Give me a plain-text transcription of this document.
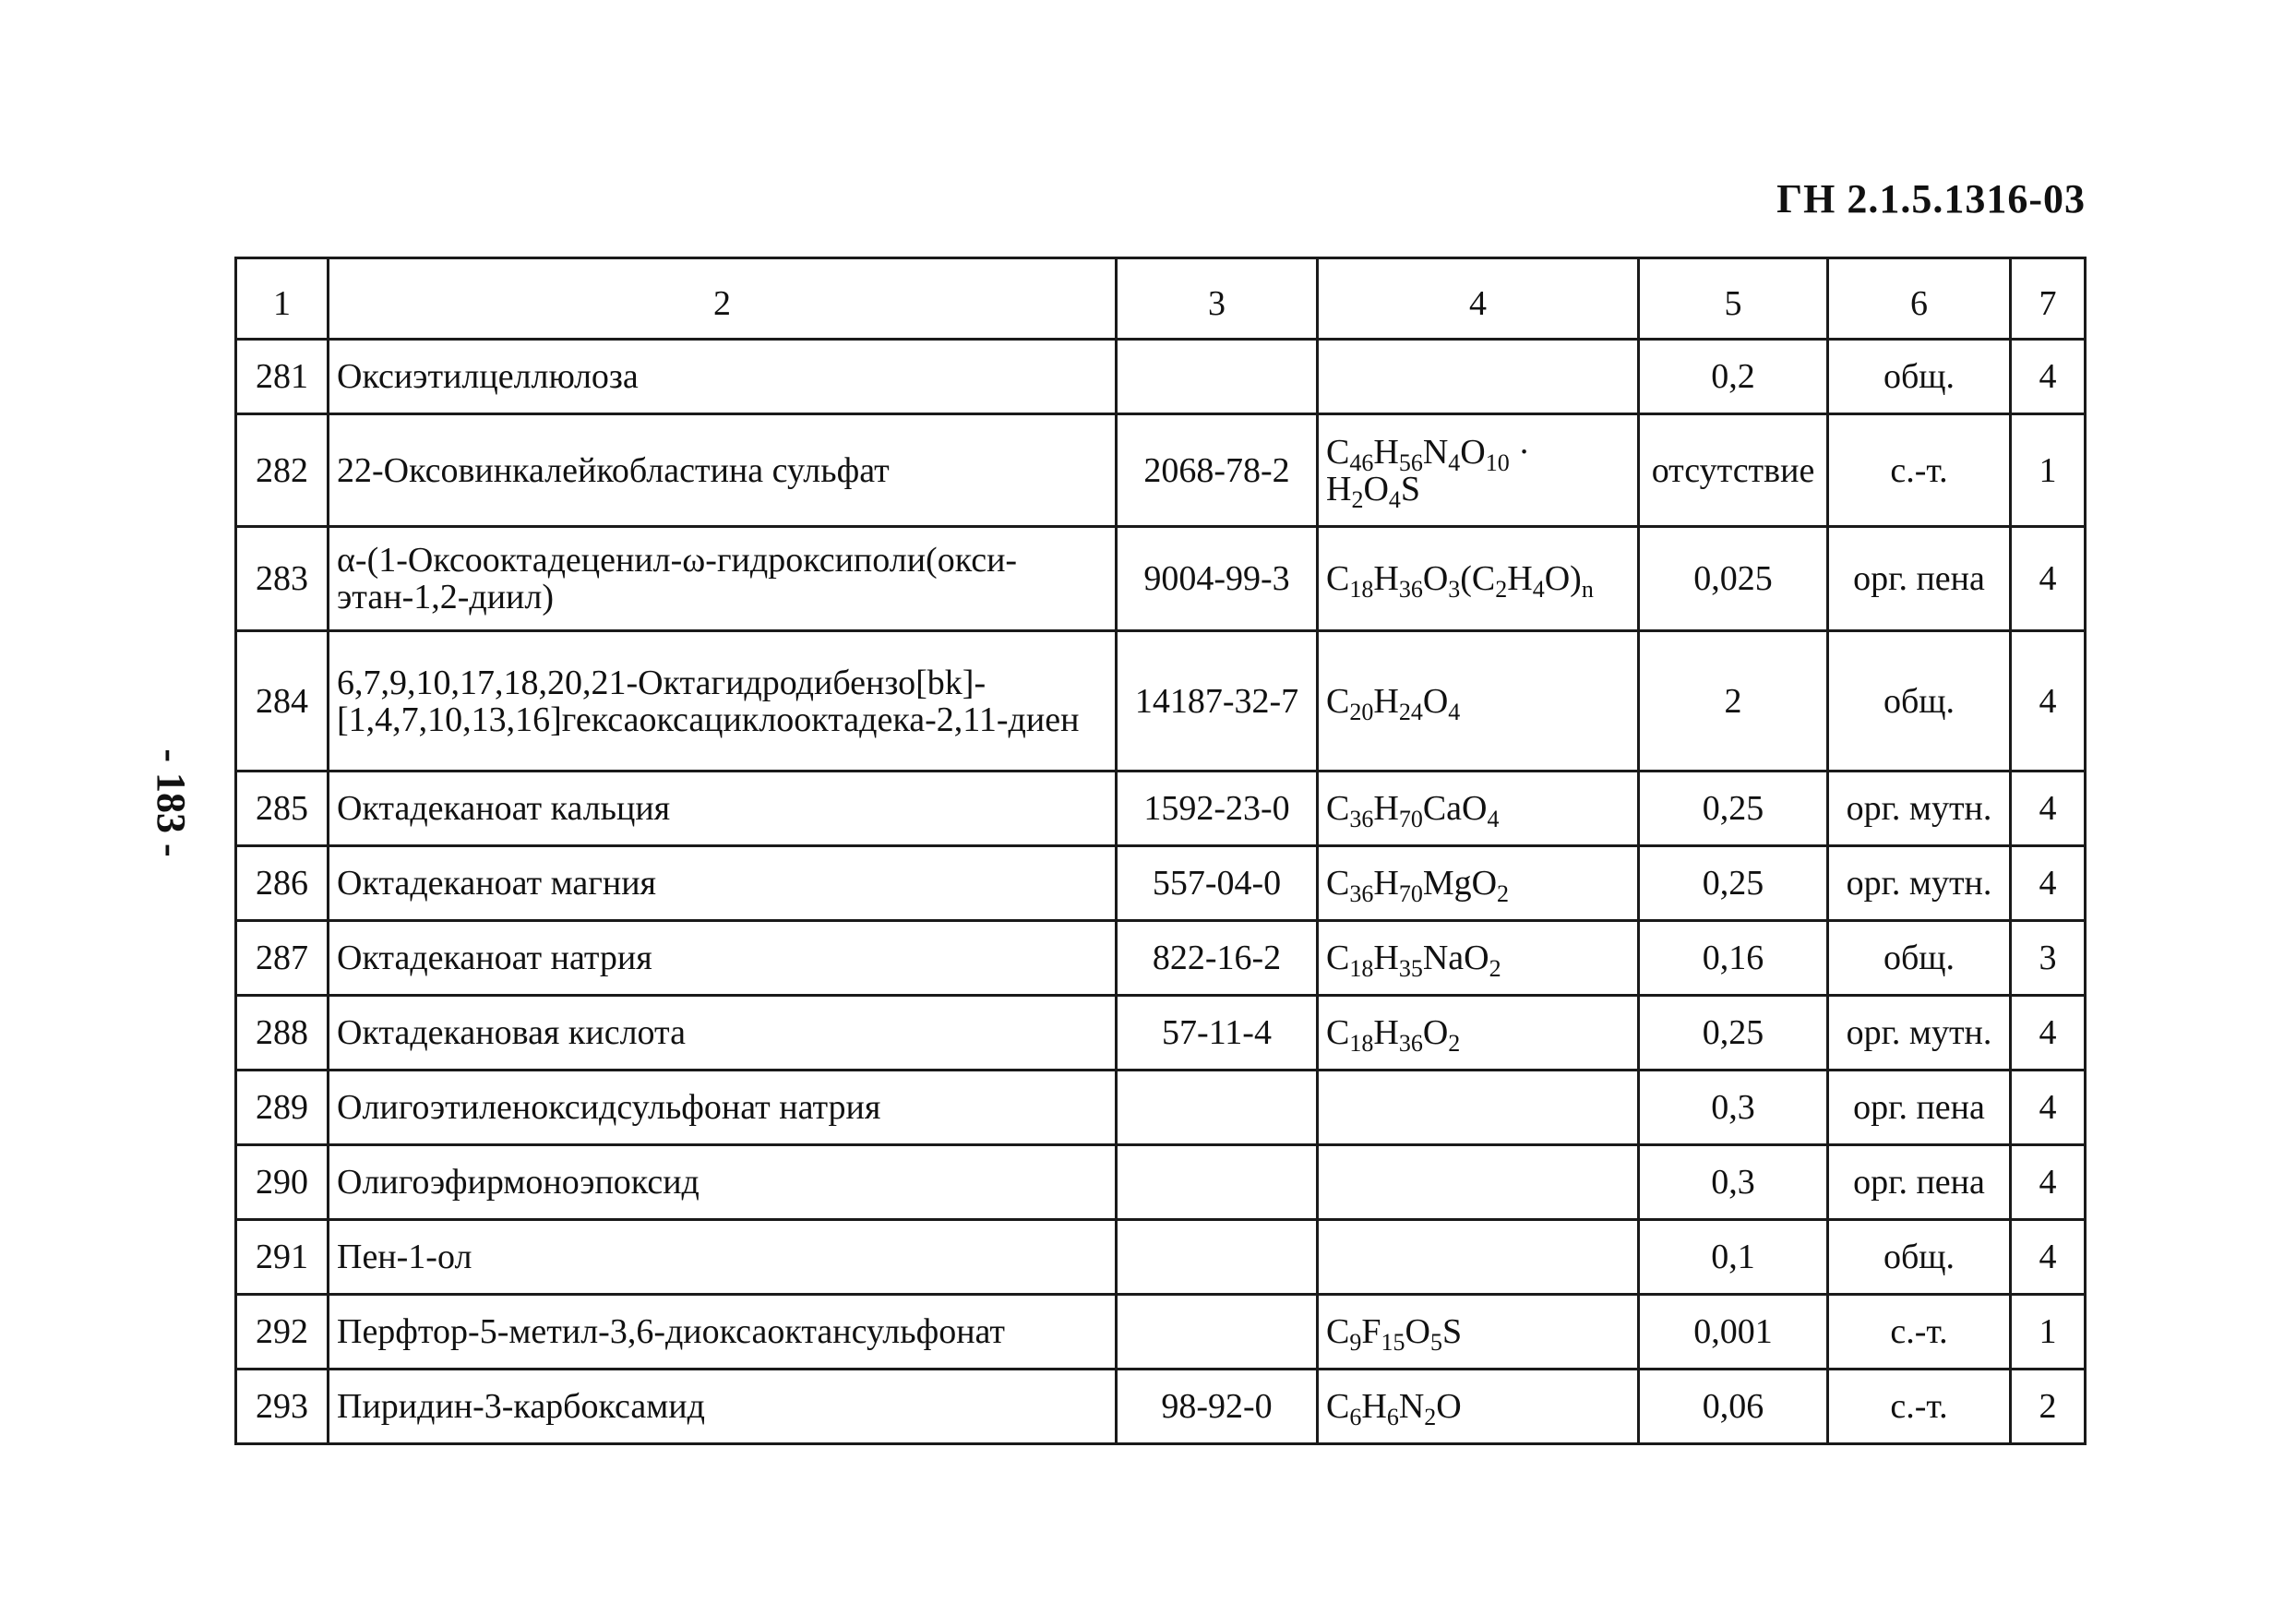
ГН 2.1.5.1316-03
- 183 -
1	2	3	4	5	6	7
281	Оксиэтилцеллюлоза			0,2	общ.	4
282	22-Оксовинкалейкобластина сульфат	2068-78-2	$C_{46}H_{56}N_4O_{10}$ ·
$H_2O_4S$	отсутствие	с.-т.	1
283	α-(1-Оксооктадеценил-ω-гидроксиполи(окси-этан-1,2-диил)	9004-99-3	$C_{18}H_{36}O_3(C_2H_4O)_n$	0,025	орг. пена	4
284	6,7,9,10,17,18,20,21-Октагидродибензо[bk]-[1,4,7,10,13,16]гексаоксациклооктадека-2,11-диен	14187-32-7	$C_{20}H_{24}O_4$	2	общ.	4
285	Октадеканоат кальция	1592-23-0	$C_{36}H_{70}CaO_4$	0,25	орг. мутн.	4
286	Октадеканоат магния	557-04-0	$C_{36}H_{70}MgO_2$	0,25	орг. мутн.	4
287	Октадеканоат натрия	822-16-2	$C_{18}H_{35}NaO_2$	0,16	общ.	3
288	Октадекановая кислота	57-11-4	$C_{18}H_{36}O_2$	0,25	орг. мутн.	4
289	Олигоэтиленоксидсульфонат натрия			0,3	орг. пена	4
290	Олигоэфирмоноэпоксид			0,3	орг. пена	4
291	Пен-1-ол			0,1	общ.	4
292	Перфтор-5-метил-3,6-диоксаоктансульфонат		$C_9F_{15}O_5S$	0,001	с.-т.	1
293	Пиридин-3-карбоксамид	98-92-0	$C_6H_6N_2O$	0,06	с.-т.	2
